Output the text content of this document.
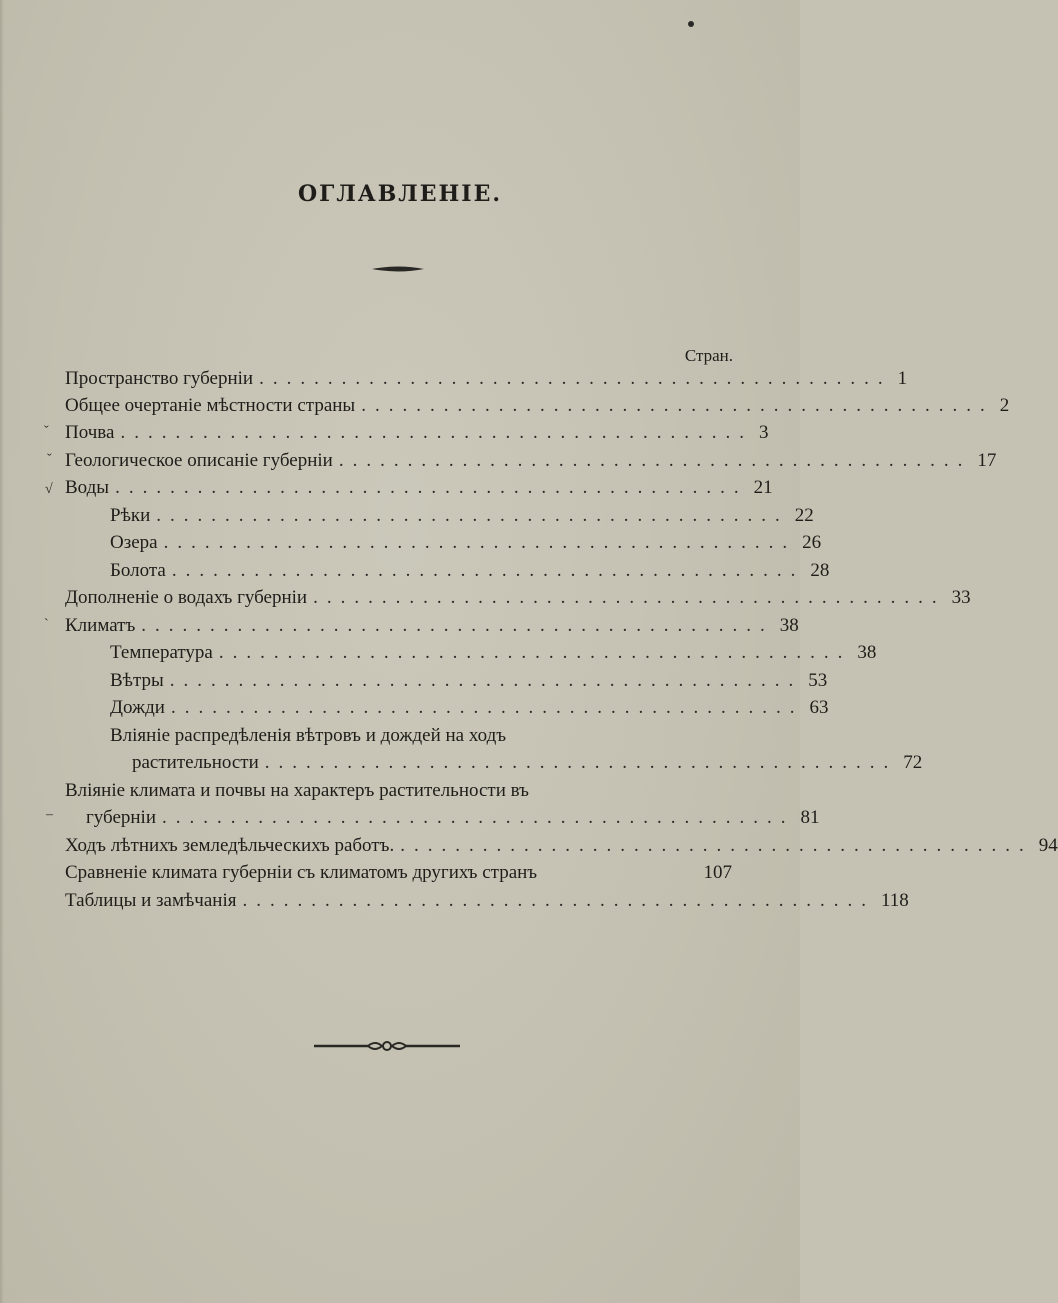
ОГЛАВЛЕНІЕ.
Стран.
Пространство губерніи .............................................. 1
Общее очертаніе мѣстности страны .............................................. 2
Почва .............................................. 3
Геологическое описаніе губерніи .............................................. 17
Воды .............................................. 21
Рѣки .............................................. 22
Озера .............................................. 26
Болота .............................................. 28
Дополненіе о водахъ губерніи .............................................. 33
Климатъ .............................................. 38
Температура .............................................. 38
Вѣтры .............................................. 53
Дожди .............................................. 63
Вліяніе распредѣленія вѣтровъ и дождей на ходъ
растительности .............................................. 72
Вліяніе климата и почвы на характеръ растительности въ
губерніи .............................................. 81
Ходъ лѣтнихъ земледѣльческихъ работъ. .............................................. 94
Сравненіе климата губерніи съ климатомъ другихъ странъ	107
Таблицы и замѣчанія .............................................. 118
ˇ
ˇ
√
ˋ
–
